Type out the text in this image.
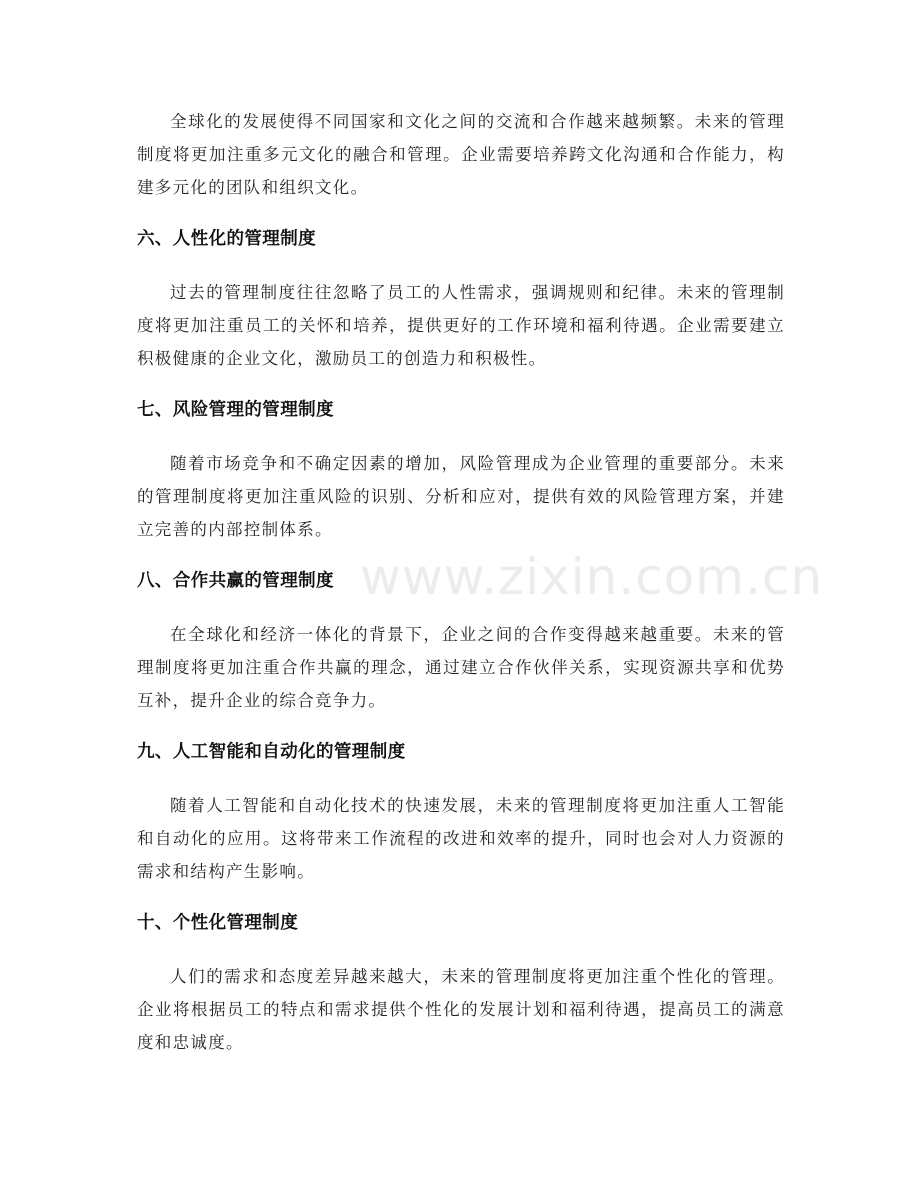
www.zixin.com.cn

全球化的发展使得不同国家和文化之间的交流和合作越来越频繁。未来的管理制度将更加注重多元文化的融合和管理。企业需要培养跨文化沟通和合作能力，构建多元化的团队和组织文化。

六、人性化的管理制度

过去的管理制度往往忽略了员工的人性需求，强调规则和纪律。未来的管理制度将更加注重员工的关怀和培养，提供更好的工作环境和福利待遇。企业需要建立积极健康的企业文化，激励员工的创造力和积极性。

七、风险管理的管理制度

随着市场竞争和不确定因素的增加，风险管理成为企业管理的重要部分。未来的管理制度将更加注重风险的识别、分析和应对，提供有效的风险管理方案，并建立完善的内部控制体系。

八、合作共赢的管理制度

在全球化和经济一体化的背景下，企业之间的合作变得越来越重要。未来的管理制度将更加注重合作共赢的理念，通过建立合作伙伴关系，实现资源共享和优势互补，提升企业的综合竞争力。

九、人工智能和自动化的管理制度

随着人工智能和自动化技术的快速发展，未来的管理制度将更加注重人工智能和自动化的应用。这将带来工作流程的改进和效率的提升，同时也会对人力资源的需求和结构产生影响。

十、个性化管理制度

人们的需求和态度差异越来越大，未来的管理制度将更加注重个性化的管理。企业将根据员工的特点和需求提供个性化的发展计划和福利待遇，提高员工的满意度和忠诚度。
